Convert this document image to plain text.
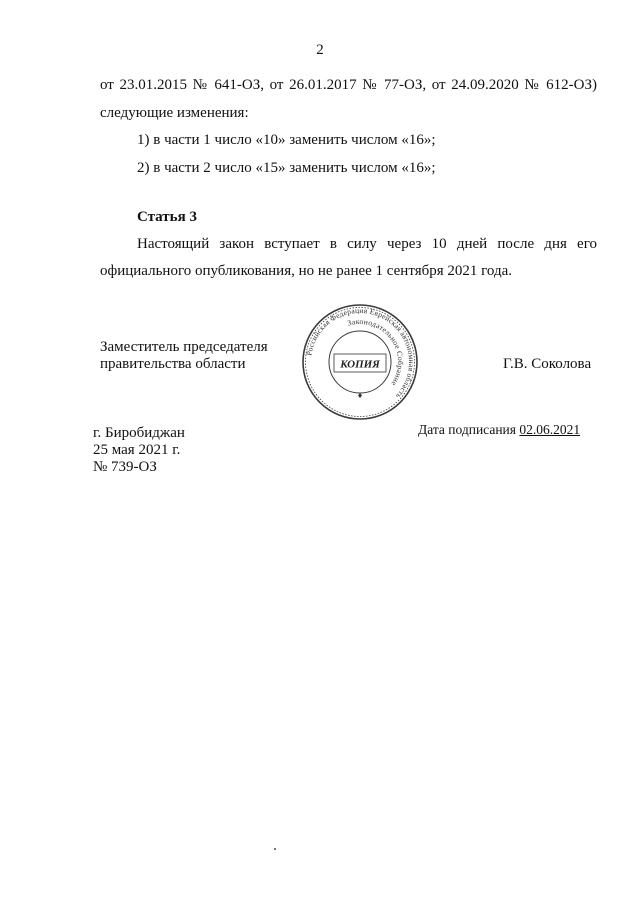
2
от 23.01.2015 № 641-ОЗ, от 26.01.2017 № 77-ОЗ, от 24.09.2020 № 612-ОЗ)
следующие изменения:
1) в части 1 число «10» заменить числом «16»;
2) в части 2 число «15» заменить числом «16»;
Статья 3
Настоящий закон вступает в силу через 10 дней после дня его
официального опубликования, но не ранее 1 сентября 2021 года.
Заместитель председателя
правительства области	Г.В. Соколова
Российская Федерация Еврейская автономная область
Законодательное Собрание
КОПИЯ
♦
Дата подписания 02.06.2021
г. Биробиджан
25 мая 2021 г.
№ 739-ОЗ
